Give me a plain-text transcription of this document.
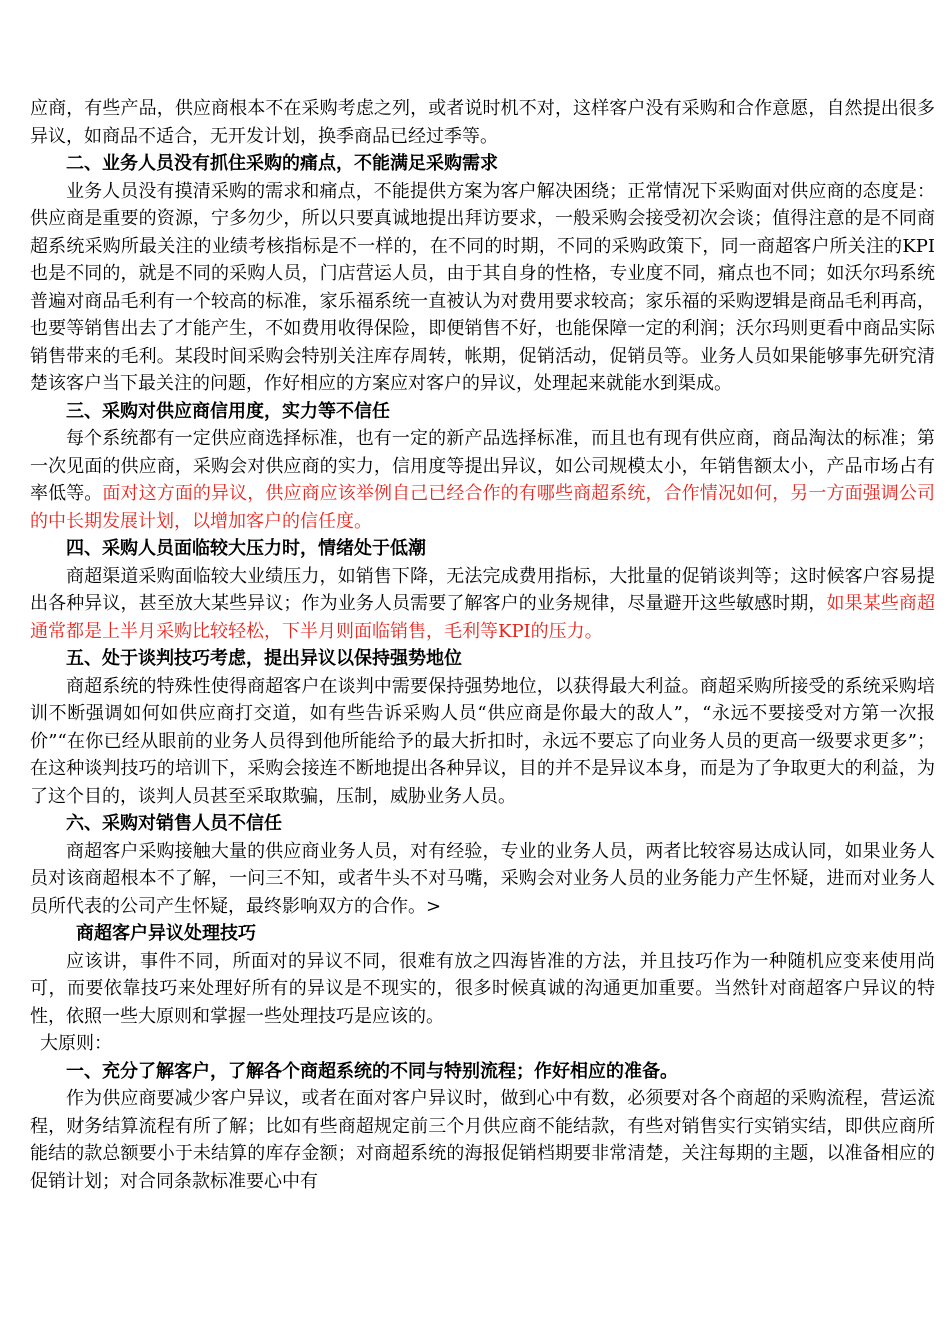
应商，有些产品，供应商根本不在采购考虑之列，或者说时机不对，这样客户没有采购和合作意愿，自然提出很多异议，如商品不适合，无开发计划，换季商品已经过季等。

二、业务人员没有抓住采购的痛点，不能满足采购需求

业务人员没有摸清采购的需求和痛点，不能提供方案为客户解决困绕；正常情况下采购面对供应商的态度是：供应商是重要的资源，宁多勿少，所以只要真诚地提出拜访要求，一般采购会接受初次会谈；值得注意的是不同商超系统采购所最关注的业绩考核指标是不一样的，在不同的时期，不同的采购政策下，同一商超客户所关注的KPI也是不同的，就是不同的采购人员，门店营运人员，由于其自身的性格，专业度不同，痛点也不同；如沃尔玛系统普遍对商品毛利有一个较高的标准，家乐福系统一直被认为对费用要求较高；家乐福的采购逻辑是商品毛利再高，也要等销售出去了才能产生，不如费用收得保险，即便销售不好，也能保障一定的利润；沃尔玛则更看中商品实际销售带来的毛利。某段时间采购会特别关注库存周转，帐期，促销活动，促销员等。业务人员如果能够事先研究清楚该客户当下最关注的问题，作好相应的方案应对客户的异议，处理起来就能水到渠成。

三、采购对供应商信用度，实力等不信任

每个系统都有一定供应商选择标准，也有一定的新产品选择标准，而且也有现有供应商，商品淘汰的标准；第一次见面的供应商，采购会对供应商的实力，信用度等提出异议，如公司规模太小，年销售额太小，产品市场占有率低等。面对这方面的异议，供应商应该举例自己已经合作的有哪些商超系统，合作情况如何，另一方面强调公司的中长期发展计划，以增加客户的信任度。

四、采购人员面临较大压力时，情绪处于低潮

商超渠道采购面临较大业绩压力，如销售下降，无法完成费用指标，大批量的促销谈判等；这时候客户容易提出各种异议，甚至放大某些异议；作为业务人员需要了解客户的业务规律，尽量避开这些敏感时期，如果某些商超通常都是上半月采购比较轻松，下半月则面临销售，毛利等KPI的压力。

五、处于谈判技巧考虑，提出异议以保持强势地位

商超系统的特殊性使得商超客户在谈判中需要保持强势地位，以获得最大利益。商超采购所接受的系统采购培训不断强调如何如供应商打交道，如有些告诉采购人员“供应商是你最大的敌人”，“永远不要接受对方第一次报价”“在你已经从眼前的业务人员得到他所能给予的最大折扣时，永远不要忘了向业务人员的更高一级要求更多”；在这种谈判技巧的培训下，采购会接连不断地提出各种异议，目的并不是异议本身，而是为了争取更大的利益，为了这个目的，谈判人员甚至采取欺骗，压制，威胁业务人员。

六、采购对销售人员不信任

商超客户采购接触大量的供应商业务人员，对有经验，专业的业务人员，两者比较容易达成认同，如果业务人员对该商超根本不了解，一问三不知，或者牛头不对马嘴，采购会对业务人员的业务能力产生怀疑，进而对业务人员所代表的公司产生怀疑，最终影响双方的合作。>

商超客户异议处理技巧

应该讲，事件不同，所面对的异议不同，很难有放之四海皆准的方法，并且技巧作为一种随机应变来使用尚可，而要依靠技巧来处理好所有的异议是不现实的，很多时候真诚的沟通更加重要。当然针对商超客户异议的特性，依照一些大原则和掌握一些处理技巧是应该的。

大原则：

一、充分了解客户，了解各个商超系统的不同与特别流程；作好相应的准备。

作为供应商要减少客户异议，或者在面对客户异议时，做到心中有数，必须要对各个商超的采购流程，营运流程，财务结算流程有所了解；比如有些商超规定前三个月供应商不能结款，有些对销售实行实销实结，即供应商所能结的款总额要小于未结算的库存金额；对商超系统的海报促销档期要非常清楚，关注每期的主题，以准备相应的促销计划；对合同条款标准要心中有
